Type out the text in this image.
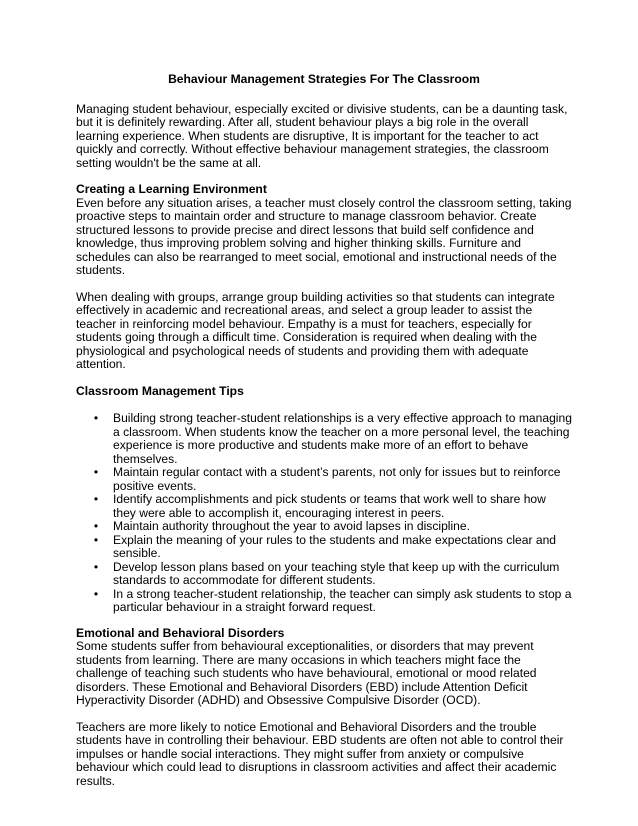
Behaviour Management Strategies For The Classroom

Managing student behaviour, especially excited or divisive students, can be a daunting task, but it is definitely rewarding. After all, student behaviour plays a big role in the overall learning experience. When students are disruptive, It is important for the teacher to act quickly and correctly. Without effective behaviour management strategies, the classroom setting wouldn't be the same at all.

Creating a Learning Environment

Even before any situation arises, a teacher must closely control the classroom setting, taking proactive steps to maintain order and structure to manage classroom behavior. Create structured lessons to provide precise and direct lessons that build self confidence and knowledge, thus improving problem solving and higher thinking skills. Furniture and schedules can also be rearranged to meet social, emotional and instructional needs of the students.

When dealing with groups, arrange group building activities so that students can integrate effectively in academic and recreational areas, and select a group leader to assist the teacher in reinforcing model behaviour. Empathy is a must for teachers, especially for students going through a difficult time. Consideration is required when dealing with the physiological and psychological needs of students and providing them with adequate attention.

Classroom Management Tips

• Building strong teacher-student relationships is a very effective approach to managing a classroom. When students know the teacher on a more personal level, the teaching experience is more productive and students make more of an effort to behave themselves.
• Maintain regular contact with a student’s parents, not only for issues but to reinforce positive events.
• Identify accomplishments and pick students or teams that work well to share how they were able to accomplish it, encouraging interest in peers.
• Maintain authority throughout the year to avoid lapses in discipline.
• Explain the meaning of your rules to the students and make expectations clear and sensible.
• Develop lesson plans based on your teaching style that keep up with the curriculum standards to accommodate for different students.
• In a strong teacher-student relationship, the teacher can simply ask students to stop a particular behaviour in a straight forward request.

Emotional and Behavioral Disorders

Some students suffer from behavioural exceptionalities, or disorders that may prevent students from learning. There are many occasions in which teachers might face the challenge of teaching such students who have behavioural, emotional or mood related disorders. These Emotional and Behavioral Disorders (EBD) include Attention Deficit Hyperactivity Disorder (ADHD) and Obsessive Compulsive Disorder (OCD).

Teachers are more likely to notice Emotional and Behavioral Disorders and the trouble students have in controlling their behaviour. EBD students are often not able to control their impulses or handle social interactions. They might suffer from anxiety or compulsive behaviour which could lead to disruptions in classroom activities and affect their academic results.
